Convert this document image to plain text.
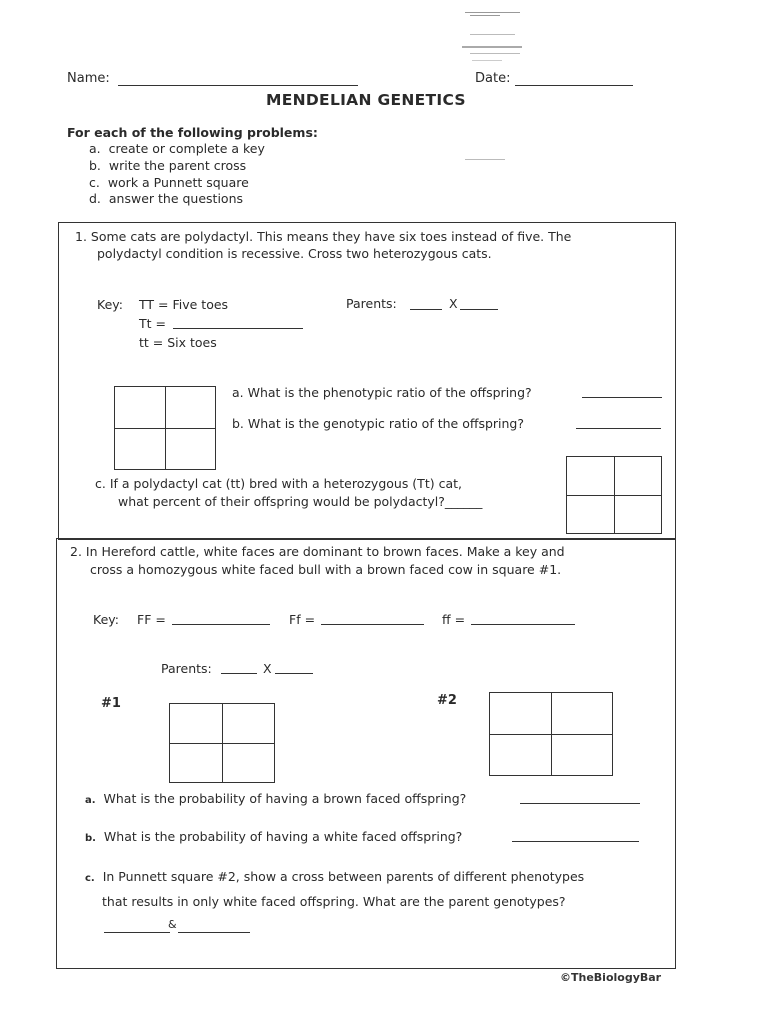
Name:	Date:
MENDELIAN GENETICS
For each of the following problems:
a. create or complete a key
b. write the parent cross
c. work a Punnett square
d. answer the questions
1. Some cats are polydactyl. This means they have six toes instead of five. The
polydactyl condition is recessive. Cross two heterozygous cats.
Key: TT = Five toes
Tt =
tt = Six toes
Parents:	X
a. What is the phenotypic ratio of the offspring?
b. What is the genotypic ratio of the offspring?
c. If a polydactyl cat (tt) bred with a heterozygous (Tt) cat,
what percent of their offspring would be polydactyl?______
2. In Hereford cattle, white faces are dominant to brown faces. Make a key and
cross a homozygous white faced bull with a brown faced cow in square #1.
Key: FF =	Ff =	ff =
Parents:	X
#1	#2
a. What is the probability of having a brown faced offspring?
b. What is the probability of having a white faced offspring?
c. In Punnett square #2, show a cross between parents of different phenotypes
that results in only white faced offspring. What are the parent genotypes?
&
©TheBiologyBar
